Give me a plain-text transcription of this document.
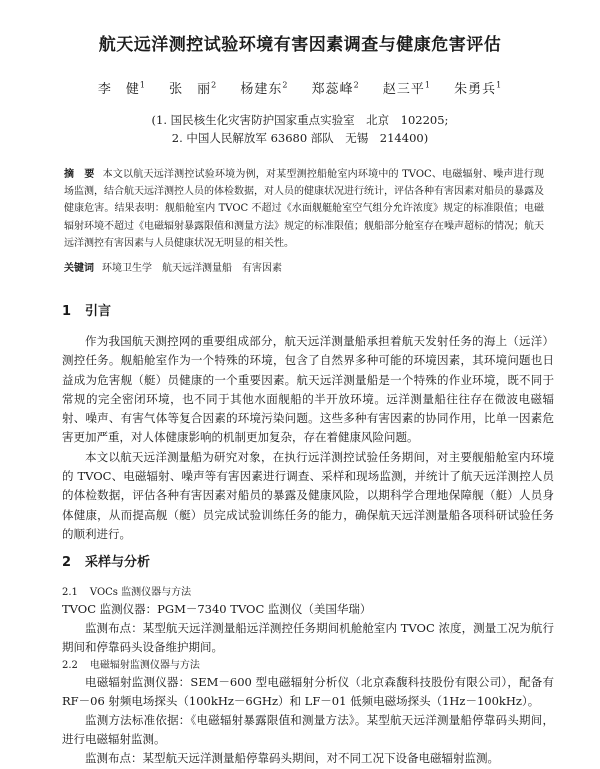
航天远洋测控试验环境有害因素调查与健康危害评估
李　健$^1$ 张　丽$^2$ 杨建东$^2$ 郑蕊峰$^2$ 赵三平$^1$ 朱勇兵$^1$
(1. 国民核生化灾害防护国家重点实验室　北京　102205;
2. 中国人民解放军 63680 部队　无锡　214400)
摘　要 本文以航天远洋测控试验环境为例，对某型测控船舱室内环境中的 TVOC、电磁辐射、噪声进行现场监测，结合航天远洋测控人员的体检数据，对人员的健康状况进行统计，评估各种有害因素对船员的暴露及健康危害。结果表明：舰船舱室内 TVOC 不超过《水面舰艇舱室空气组分允许浓度》规定的标准限值；电磁辐射环境不超过《电磁辐射暴露限值和测量方法》规定的标准限值；舰船部分舱室存在噪声超标的情况；航天远洋测控有害因素与人员健康状况无明显的相关性。
关键词 环境卫生学　航天远洋测量船　有害因素
1 引言

作为我国航天测控网的重要组成部分，航天远洋测量船承担着航天发射任务的海上（远洋）测控任务。舰船舱室作为一个特殊的环境，包含了自然界多种可能的环境因素，其环境问题也日益成为危害舰（艇）员健康的一个重要因素。航天远洋测量船是一个特殊的作业环境，既不同于常规的完全密闭环境，也不同于其他水面舰船的半开放环境。远洋测量船往往存在微波电磁辐射、噪声、有害气体等复合因素的环境污染问题。这些多种有害因素的协同作用，比单一因素危害更加严重，对人体健康影响的机制更加复杂，存在着健康风险问题。

本文以航天远洋测量船为研究对象，在执行远洋测控试验任务期间，对主要舰船舱室内环境的 TVOC、电磁辐射、噪声等有害因素进行调查、采样和现场监测，并统计了航天远洋测控人员的体检数据，评估各种有害因素对船员的暴露及健康风险，以期科学合理地保障舰（艇）人员身体健康，从而提高舰（艇）员完成试验训练任务的能力，确保航天远洋测量船各项科研试验任务的顺利进行。

2 采样与分析
2.1 VOCs 监测仪器与方法
TVOC 监测仪器：PGM－7340 TVOC 监测仪（美国华瑞）
监测布点：某型航天远洋测量船远洋测控任务期间机舱舱室内 TVOC 浓度，测量工况为航行期间和停靠码头设备维护期间。
2.2 电磁辐射监测仪器与方法
电磁辐射监测仪器：SEM－600 型电磁辐射分析仪（北京森馥科技股份有限公司），配备有 RF－06 射频电场探头（100kHz－6GHz）和 LF－01 低频电磁场探头（1Hz－100kHz）。
监测方法标准依据：《电磁辐射暴露限值和测量方法》。某型航天远洋测量船停靠码头期间，进行电磁辐射监测。
监测布点：某型航天远洋测量船停靠码头期间，对不同工况下设备电磁辐射监测。
